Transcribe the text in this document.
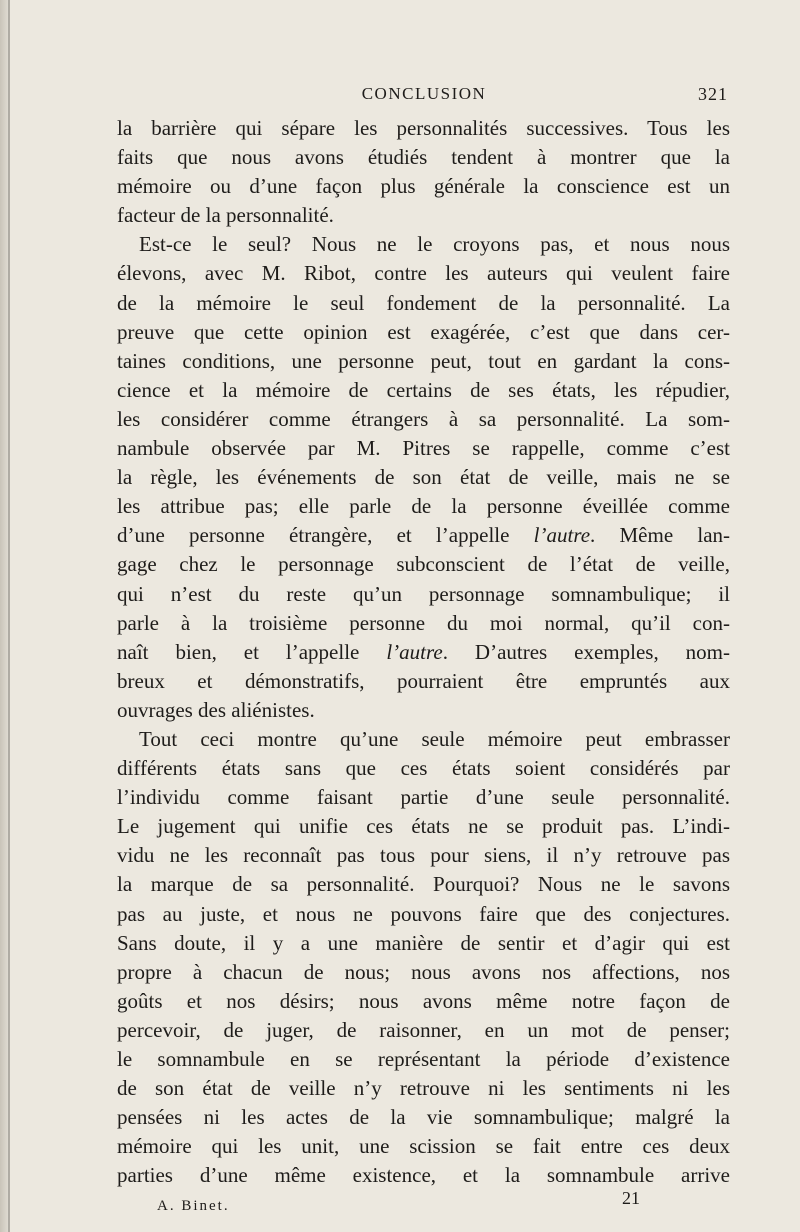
CONCLUSION	321
la barrière qui sépare les personnalités successives. Tous les
faits que nous avons étudiés tendent à montrer que la
mémoire ou d’une façon plus générale la conscience est un
facteur de la personnalité.
Est-ce le seul? Nous ne le croyons pas, et nous nous
élevons, avec M. Ribot, contre les auteurs qui veulent faire
de la mémoire le seul fondement de la personnalité. La
preuve que cette opinion est exagérée, c’est que dans cer-
taines conditions, une personne peut, tout en gardant la cons-
cience et la mémoire de certains de ses états, les répudier,
les considérer comme étrangers à sa personnalité. La som-
nambule observée par M. Pitres se rappelle, comme c’est
la règle, les événements de son état de veille, mais ne se
les attribue pas; elle parle de la personne éveillée comme
d’une personne étrangère, et l’appelle l’autre. Même lan-
gage chez le personnage subconscient de l’état de veille,
qui n’est du reste qu’un personnage somnambulique; il
parle à la troisième personne du moi normal, qu’il con-
naît bien, et l’appelle l’autre. D’autres exemples, nom-
breux et démonstratifs, pourraient être empruntés aux
ouvrages des aliénistes.
Tout ceci montre qu’une seule mémoire peut embrasser
différents états sans que ces états soient considérés par
l’individu comme faisant partie d’une seule personnalité.
Le jugement qui unifie ces états ne se produit pas. L’indi-
vidu ne les reconnaît pas tous pour siens, il n’y retrouve pas
la marque de sa personnalité. Pourquoi? Nous ne le savons
pas au juste, et nous ne pouvons faire que des conjectures.
Sans doute, il y a une manière de sentir et d’agir qui est
propre à chacun de nous; nous avons nos affections, nos
goûts et nos désirs; nous avons même notre façon de
percevoir, de juger, de raisonner, en un mot de penser;
le somnambule en se représentant la période d’existence
de son état de veille n’y retrouve ni les sentiments ni les
pensées ni les actes de la vie somnambulique; malgré la
mémoire qui les unit, une scission se fait entre ces deux
parties d’une même existence, et la somnambule arrive
A. Binet.	21
